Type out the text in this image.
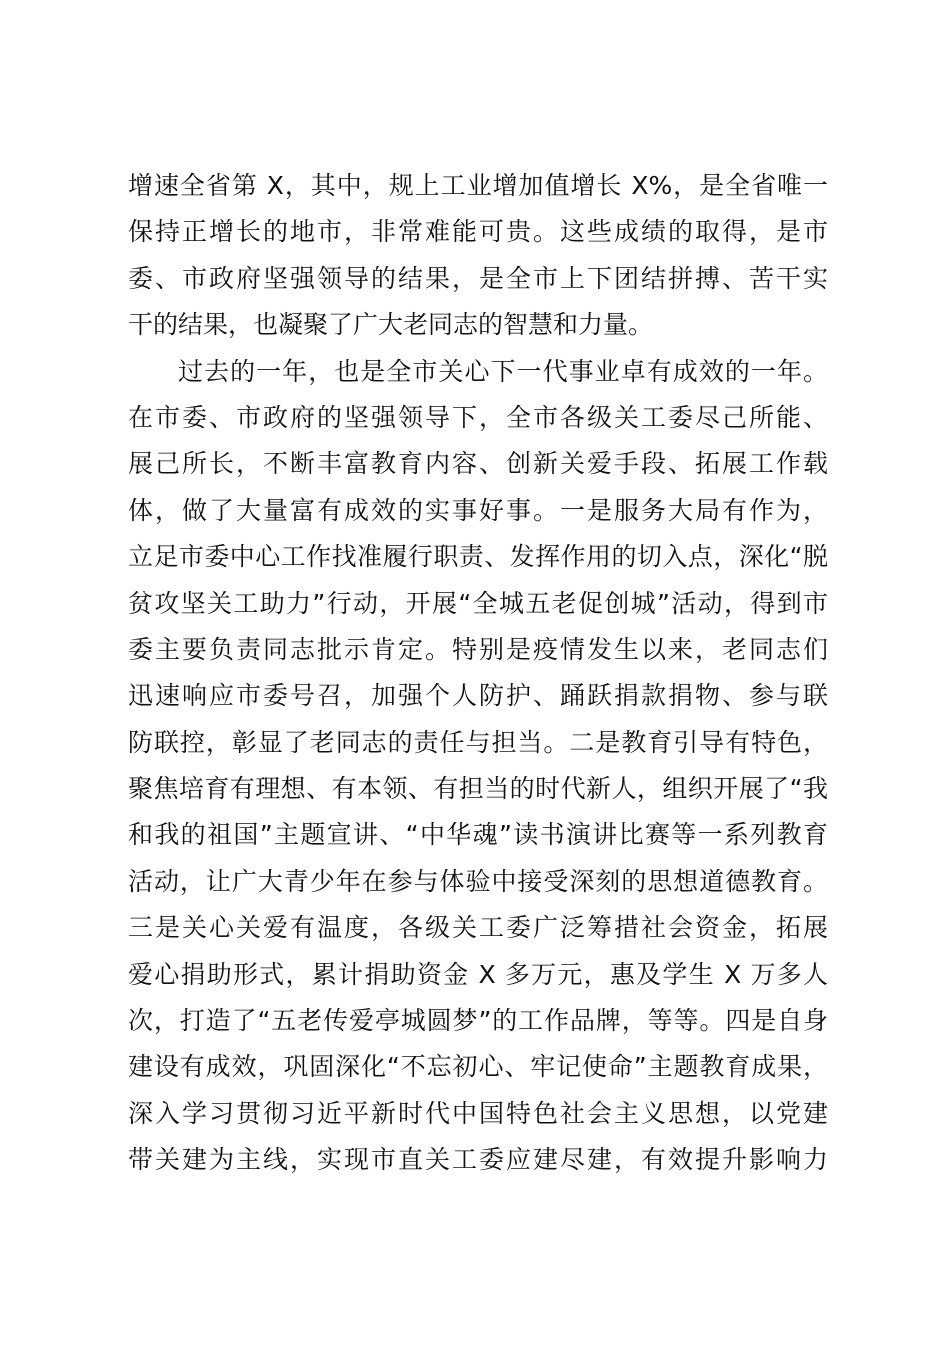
增速全省第 X，其中，规上工业增加值增长 X%，是全省唯一
保持正增长的地市，非常难能可贵。这些成绩的取得，是市
委、市政府坚强领导的结果，是全市上下团结拼搏、苦干实
干的结果，也凝聚了广大老同志的智慧和力量。
过去的一年，也是全市关心下一代事业卓有成效的一年。
在市委、市政府的坚强领导下，全市各级关工委尽己所能、
展己所长，不断丰富教育内容、创新关爱手段、拓展工作载
体，做了大量富有成效的实事好事。一是服务大局有作为，
立足市委中心工作找准履行职责、发挥作用的切入点，深化“脱
贫攻坚关工助力”行动，开展“全城五老促创城”活动，得到市
委主要负责同志批示肯定。特别是疫情发生以来，老同志们
迅速响应市委号召，加强个人防护、踊跃捐款捐物、参与联
防联控，彰显了老同志的责任与担当。二是教育引导有特色，
聚焦培育有理想、有本领、有担当的时代新人，组织开展了“我
和我的祖国”主题宣讲、“中华魂”读书演讲比赛等一系列教育
活动，让广大青少年在参与体验中接受深刻的思想道德教育。
三是关心关爱有温度，各级关工委广泛筹措社会资金，拓展
爱心捐助形式，累计捐助资金 X 多万元，惠及学生 X 万多人
次，打造了“五老传爱亭城圆梦”的工作品牌，等等。四是自身
建设有成效，巩固深化“不忘初心、牢记使命”主题教育成果，
深入学习贯彻习近平新时代中国特色社会主义思想，以党建
带关建为主线，实现市直关工委应建尽建，有效提升影响力
